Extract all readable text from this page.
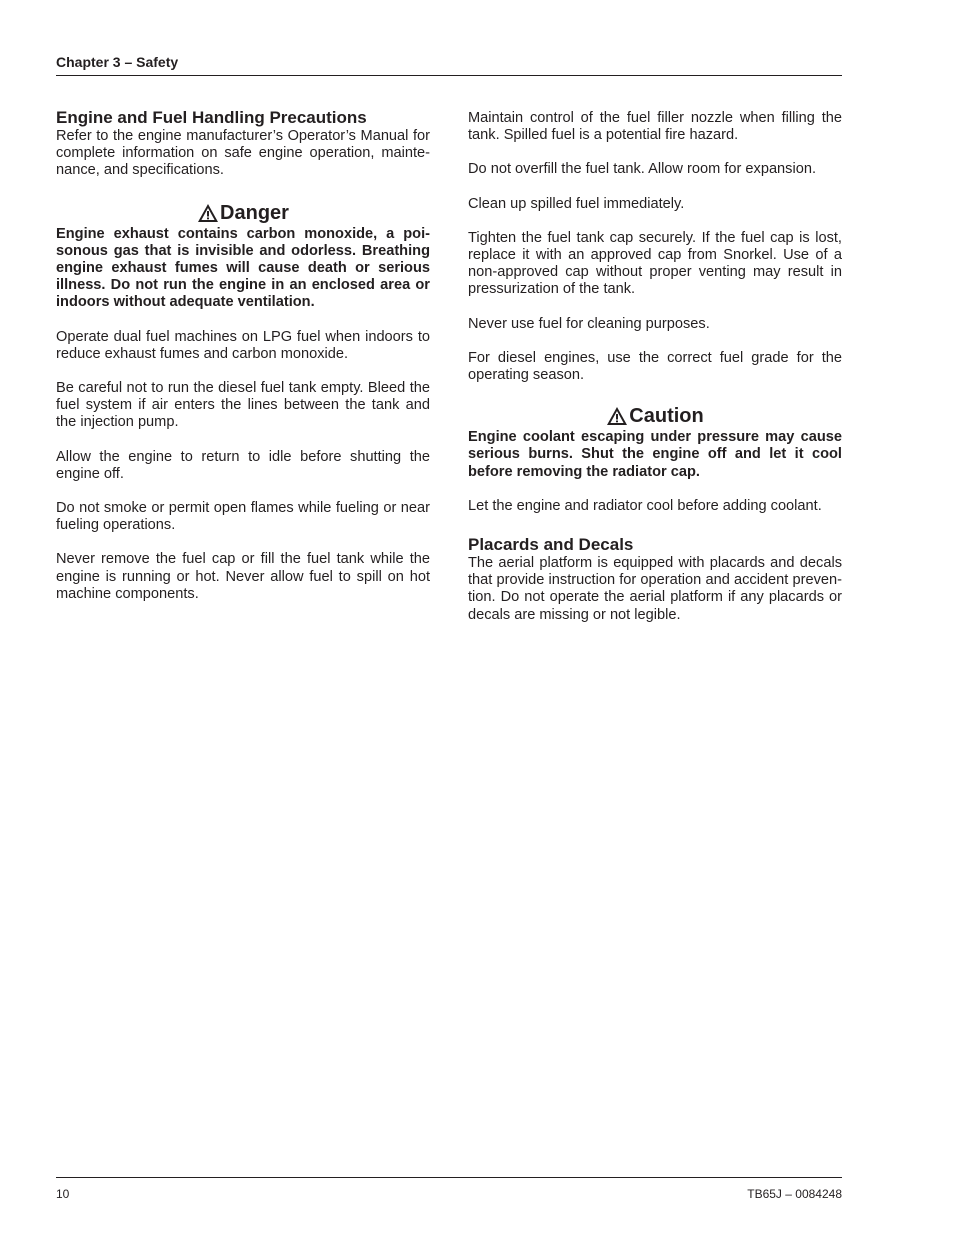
Chapter 3 – Safety
Engine and Fuel Handling Precautions

Refer to the engine manufacturer’s Operator’s Manual for complete information on safe engine operation, mainte-nance, and specifications.

Danger

Engine exhaust contains carbon monoxide, a poi-sonous gas that is invisible and odorless. Breathing engine exhaust fumes will cause death or serious illness. Do not run the engine in an enclosed area or indoors without adequate ventilation.

Operate dual fuel machines on LPG fuel when indoors to reduce exhaust fumes and carbon monoxide.

Be careful not to run the diesel fuel tank empty. Bleed the fuel system if air enters the lines between the tank and the injection pump.

Allow the engine to return to idle before shutting the engine off.

Do not smoke or permit open flames while fueling or near fueling operations.

Never remove the fuel cap or fill the fuel tank while the engine is running or hot. Never allow fuel to spill on hot machine components.

Maintain control of the fuel filler nozzle when filling the tank. Spilled fuel is a potential fire hazard.

Do not overfill the fuel tank. Allow room for expansion.

Clean up spilled fuel immediately.

Tighten the fuel tank cap securely. If the fuel cap is lost, replace it with an approved cap from Snorkel. Use of a non-approved cap without proper venting may result in pressurization of the tank.

Never use fuel for cleaning purposes.

For diesel engines, use the correct fuel grade for the operating season.

Caution

Engine coolant escaping under pressure may cause serious burns. Shut the engine off and let it cool before removing the radiator cap.

Let the engine and radiator cool before adding coolant.

Placards and Decals

The aerial platform is equipped with placards and decals that provide instruction for operation and accident preven-tion. Do not operate the aerial platform if any placards or decals are missing or not legible.

10	TB65J – 0084248
